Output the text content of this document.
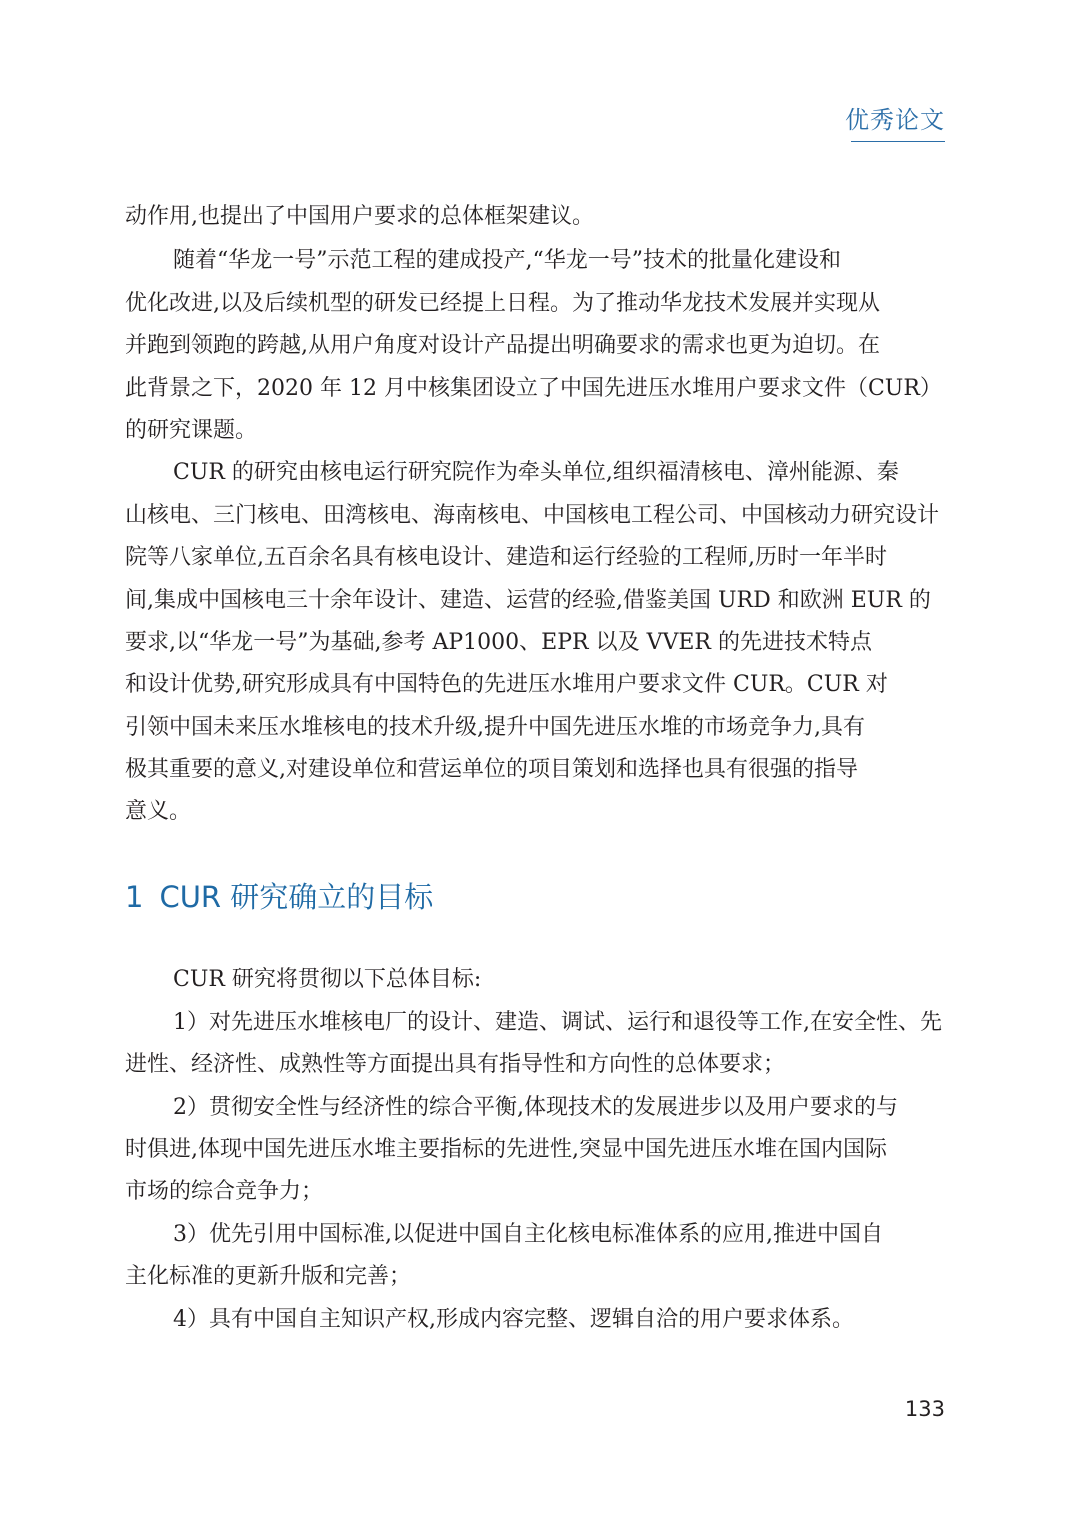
优秀论文
动作用,也提出了中国用户要求的总体框架建议。
随着“华龙一号”示范工程的建成投产,“华龙一号”技术的批量化建设和
优化改进,以及后续机型的研发已经提上日程。为了推动华龙技术发展并实现从
并跑到领跑的跨越,从用户角度对设计产品提出明确要求的需求也更为迫切。在
此背景之下，2020 年 12 月中核集团设立了中国先进压水堆用户要求文件（CUR）
的研究课题。
CUR 的研究由核电运行研究院作为牵头单位,组织福清核电、漳州能源、秦
山核电、三门核电、田湾核电、海南核电、中国核电工程公司、中国核动力研究设计
院等八家单位,五百余名具有核电设计、建造和运行经验的工程师,历时一年半时
间,集成中国核电三十余年设计、建造、运营的经验,借鉴美国 URD 和欧洲 EUR 的
要求,以“华龙一号”为基础,参考 AP1000、EPR 以及 VVER 的先进技术特点
和设计优势,研究形成具有中国特色的先进压水堆用户要求文件 CUR。CUR 对
引领中国未来压水堆核电的技术升级,提升中国先进压水堆的市场竞争力,具有
极其重要的意义,对建设单位和营运单位的项目策划和选择也具有很强的指导
意义。
1 CUR 研究确立的目标
CUR 研究将贯彻以下总体目标:
1）对先进压水堆核电厂的设计、建造、调试、运行和退役等工作,在安全性、先
进性、经济性、成熟性等方面提出具有指导性和方向性的总体要求；
2）贯彻安全性与经济性的综合平衡,体现技术的发展进步以及用户要求的与
时俱进,体现中国先进压水堆主要指标的先进性,突显中国先进压水堆在国内国际
市场的综合竞争力；
3）优先引用中国标准,以促进中国自主化核电标准体系的应用,推进中国自
主化标准的更新升版和完善；
4）具有中国自主知识产权,形成内容完整、逻辑自洽的用户要求体系。
133
